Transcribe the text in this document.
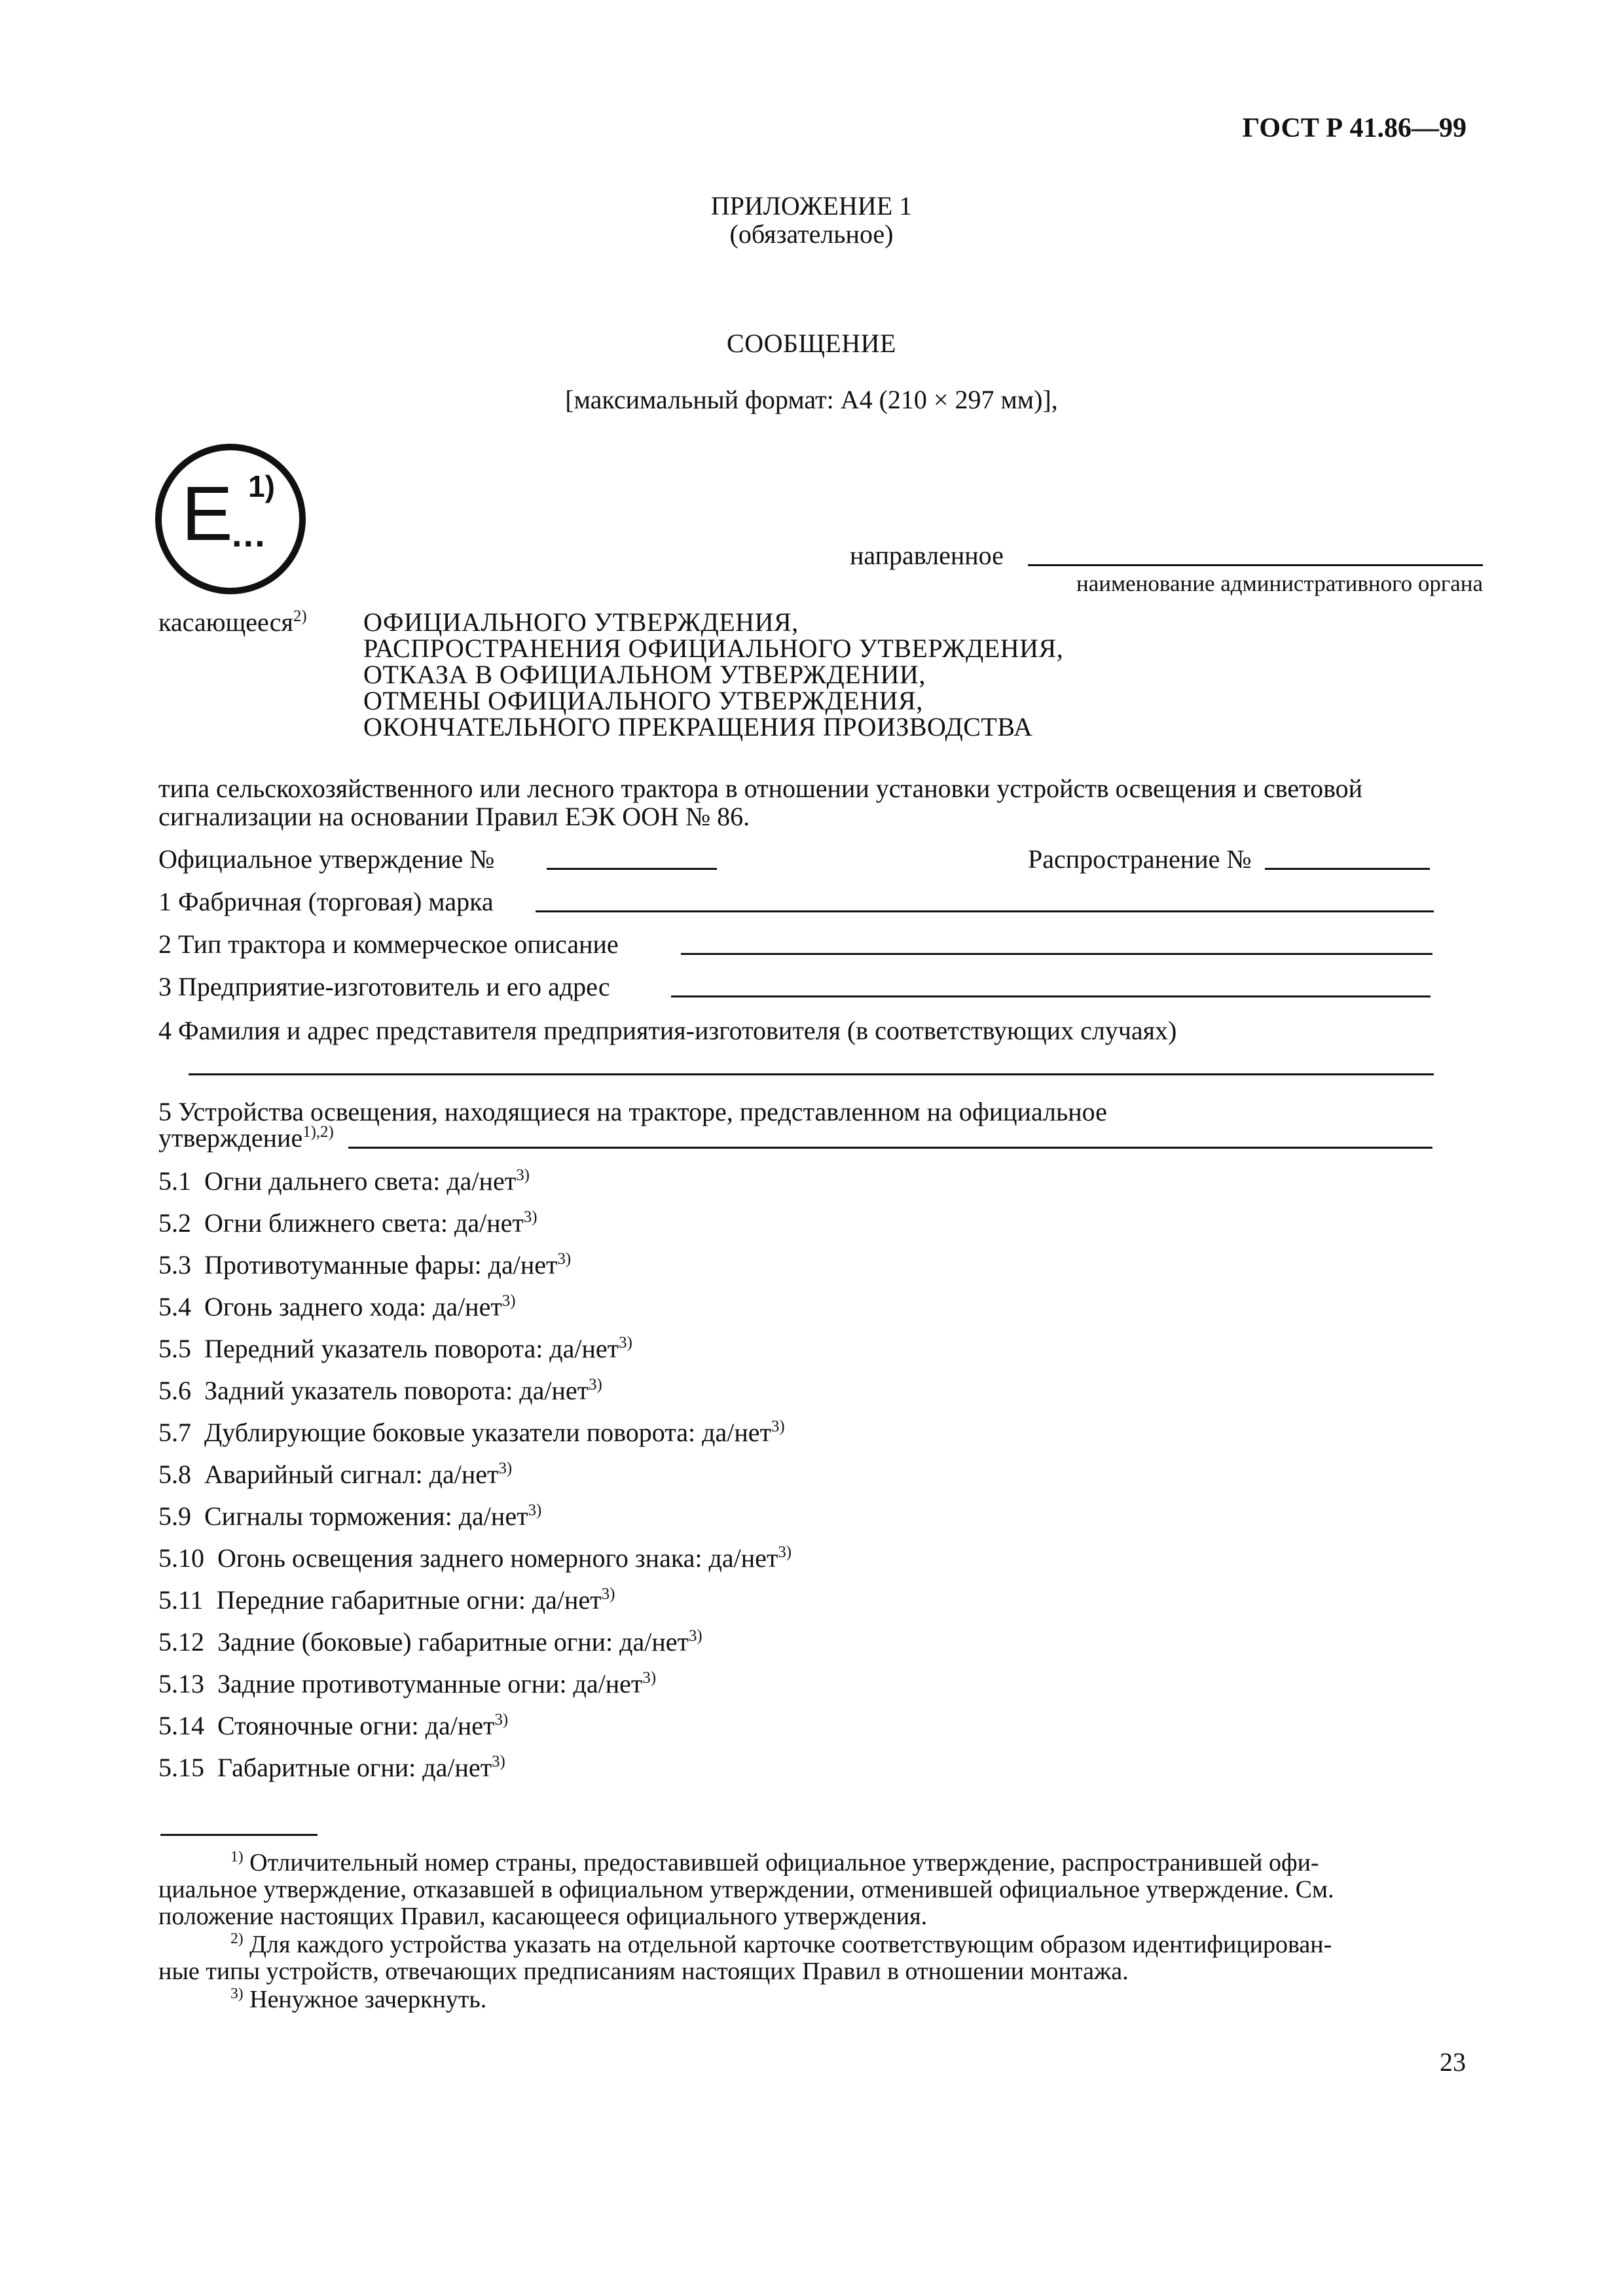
ГОСТ Р 41.86—99
ПРИЛОЖЕНИЕ 1
(обязательное)
СООБЩЕНИЕ
[максимальный формат: А4 (210 × 297 мм)],
E 1)
...
направленное
наименование административного органа
касающееся$^{2)}$ ОФИЦИАЛЬНОГО УТВЕРЖДЕНИЯ,
РАСПРОСТРАНЕНИЯ ОФИЦИАЛЬНОГО УТВЕРЖДЕНИЯ,
ОТКАЗА В ОФИЦИАЛЬНОМ УТВЕРЖДЕНИИ,
ОТМЕНЫ ОФИЦИАЛЬНОГО УТВЕРЖДЕНИЯ,
ОКОНЧАТЕЛЬНОГО ПРЕКРАЩЕНИЯ ПРОИЗВОДСТВА
типа сельскохозяйственного или лесного трактора в отношении установки устройств освещения и световой
сигнализации на основании Правил ЕЭК ООН № 86.
Официальное утверждение №	Распространение №
1 Фабричная (торговая) марка
2 Тип трактора и коммерческое описание
3 Предприятие-изготовитель и его адрес
4 Фамилия и адрес представителя предприятия-изготовителя (в соответствующих случаях)
5 Устройства освещения, находящиеся на тракторе, представленном на официальное
утверждение$^{1),2)}$
5.1 Огни дальнего света: да/нет$^{3)}$
5.2 Огни ближнего света: да/нет$^{3)}$
5.3 Противотуманные фары: да/нет$^{3)}$
5.4 Огонь заднего хода: да/нет$^{3)}$
5.5 Передний указатель поворота: да/нет$^{3)}$
5.6 Задний указатель поворота: да/нет$^{3)}$
5.7 Дублирующие боковые указатели поворота: да/нет$^{3)}$
5.8 Аварийный сигнал: да/нет$^{3)}$
5.9 Сигналы торможения: да/нет$^{3)}$
5.10 Огонь освещения заднего номерного знака: да/нет$^{3)}$
5.11 Передние габаритные огни: да/нет$^{3)}$
5.12 Задние (боковые) габаритные огни: да/нет$^{3)}$
5.13 Задние противотуманные огни: да/нет$^{3)}$
5.14 Стояночные огни: да/нет$^{3)}$
5.15 Габаритные огни: да/нет$^{3)}$
$^{1)}$ Отличительный номер страны, предоставившей официальное утверждение, распространившей офи-
циальное утверждение, отказавшей в официальном утверждении, отменившей официальное утверждение. См.
положение настоящих Правил, касающееся официального утверждения.
$^{2)}$ Для каждого устройства указать на отдельной карточке соответствующим образом идентифицирован-
ные типы устройств, отвечающих предписаниям настоящих Правил в отношении монтажа.
$^{3)}$ Ненужное зачеркнуть.
23
